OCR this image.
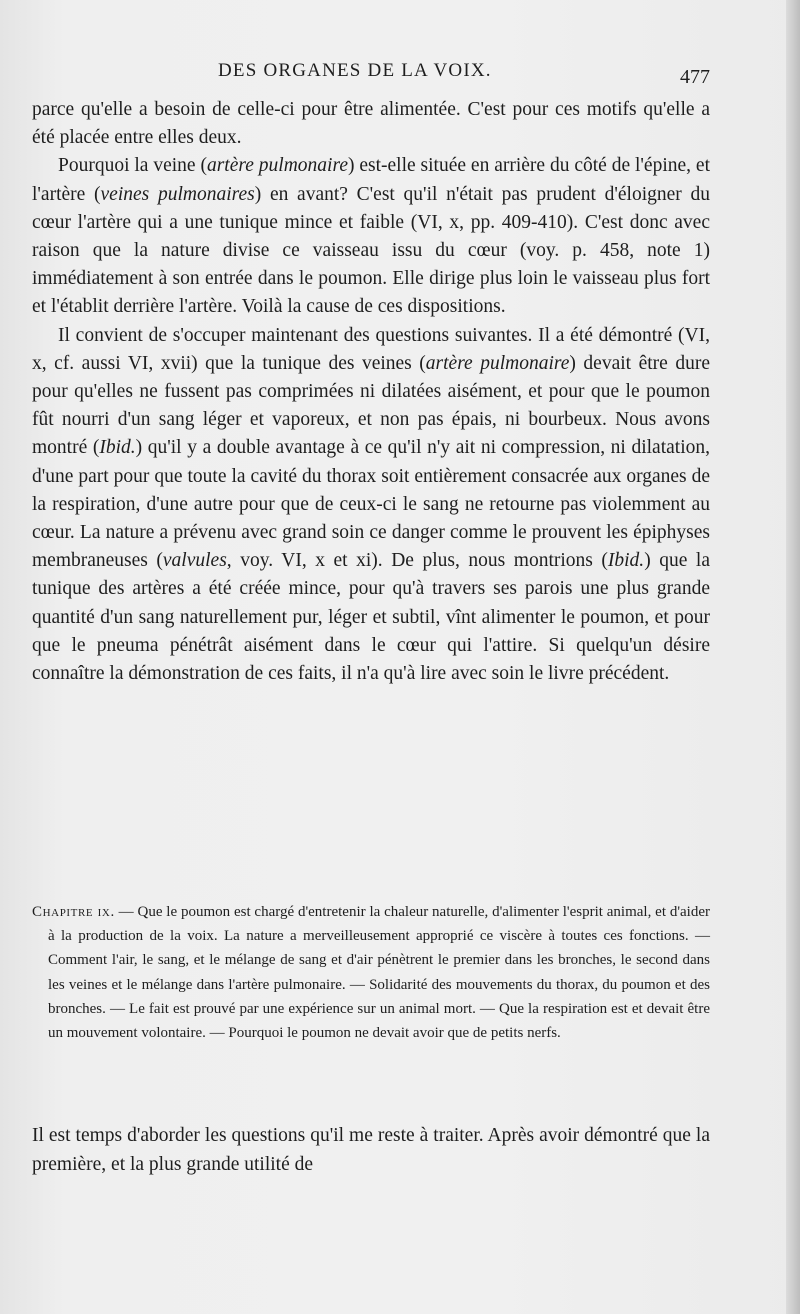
DES ORGANES DE LA VOIX.	477

parce qu'elle a besoin de celle-ci pour être alimentée. C'est pour ces motifs qu'elle a été placée entre elles deux.

Pourquoi la veine (artère pulmonaire) est-elle située en arrière du côté de l'épine, et l'artère (veines pulmonaires) en avant? C'est qu'il n'était pas prudent d'éloigner du cœur l'artère qui a une tunique mince et faible (VI, x, pp. 409-410). C'est donc avec raison que la nature divise ce vaisseau issu du cœur (voy. p. 458, note 1) immédiatement à son entrée dans le poumon. Elle dirige plus loin le vaisseau plus fort et l'établit derrière l'artère. Voilà la cause de ces dispositions.

Il convient de s'occuper maintenant des questions suivantes. Il a été démontré (VI, x, cf. aussi VI, xvii) que la tunique des veines (artère pulmonaire) devait être dure pour qu'elles ne fussent pas comprimées ni dilatées aisément, et pour que le poumon fût nourri d'un sang léger et vaporeux, et non pas épais, ni bourbeux. Nous avons montré (Ibid.) qu'il y a double avantage à ce qu'il n'y ait ni compression, ni dilatation, d'une part pour que toute la cavité du thorax soit entièrement consacrée aux organes de la respiration, d'une autre pour que de ceux-ci le sang ne retourne pas violemment au cœur. La nature a prévenu avec grand soin ce danger comme le prouvent les épiphyses membraneuses (valvules, voy. VI, x et xi). De plus, nous montrions (Ibid.) que la tunique des artères a été créée mince, pour qu'à travers ses parois une plus grande quantité d'un sang naturellement pur, léger et subtil, vînt alimenter le poumon, et pour que le pneuma pénétrât aisément dans le cœur qui l'attire. Si quelqu'un désire connaître la démonstration de ces faits, il n'a qu'à lire avec soin le livre précédent.

Chapitre ix. — Que le poumon est chargé d'entretenir la chaleur naturelle, d'alimenter l'esprit animal, et d'aider à la production de la voix. La nature a merveilleusement approprié ce viscère à toutes ces fonctions. — Comment l'air, le sang, et le mélange de sang et d'air pénètrent le premier dans les bronches, le second dans les veines et le mélange dans l'artère pulmonaire. — Solidarité des mouvements du thorax, du poumon et des bronches. — Le fait est prouvé par une expérience sur un animal mort. — Que la respiration est et devait être un mouvement volontaire. — Pourquoi le poumon ne devait avoir que de petits nerfs.

Il est temps d'aborder les questions qu'il me reste à traiter. Après avoir démontré que la première, et la plus grande utilité de
